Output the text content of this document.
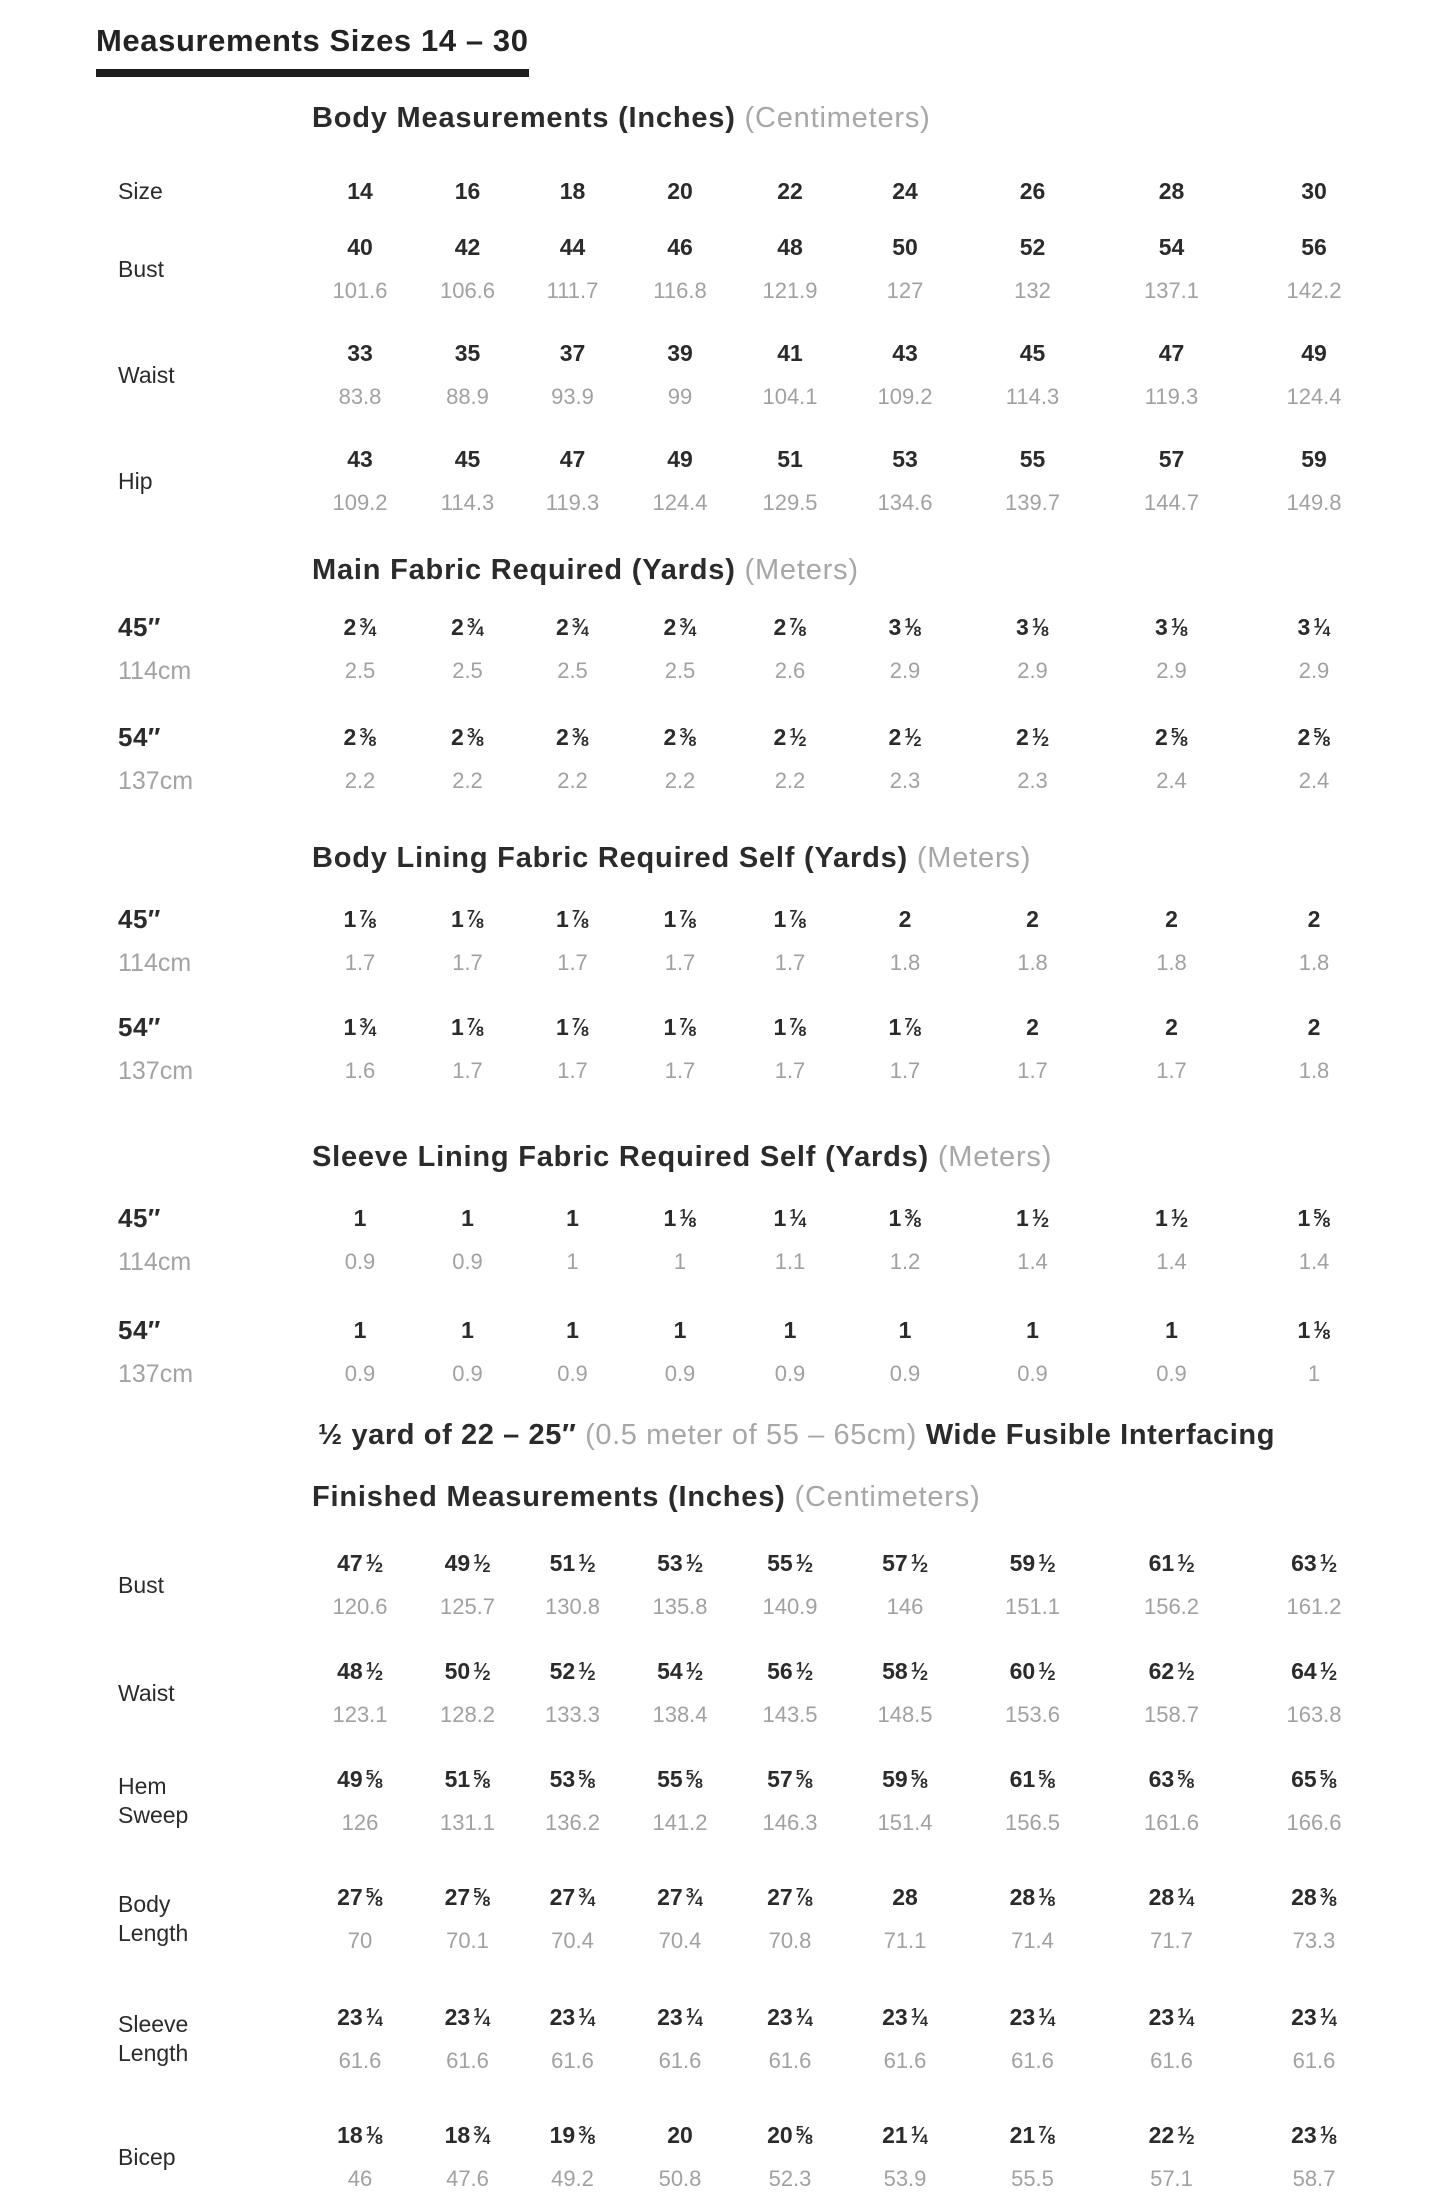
Measurements Sizes 14 – 30
Body Measurements (Inches) (Centimeters)
Size	14	16	18	20	22	24	26	28	30
Bust
40	42	44	46	48	50	52	54	56
101.6	106.6	111.7	116.8	121.9	127	132	137.1	142.2
Waist
33	35	37	39	41	43	45	47	49
83.8	88.9	93.9	99	104.1	109.2	114.3	119.3	124.4
Hip
43	45	47	49	51	53	55	57	59
109.2	114.3	119.3	124.4	129.5	134.6	139.7	144.7	149.8
Main Fabric Required (Yards) (Meters)
45″
114cm
2 3⁄4	2 3⁄4	2 3⁄4	2 3⁄4	2 7⁄8	3 1⁄8	3 1⁄8	3 1⁄8	3 1⁄4
2.5	2.5	2.5	2.5	2.6	2.9	2.9	2.9	2.9
54″
137cm
2 3⁄8	2 3⁄8	2 3⁄8	2 3⁄8	2 1⁄2	2 1⁄2	2 1⁄2	2 5⁄8	2 5⁄8
2.2	2.2	2.2	2.2	2.2	2.3	2.3	2.4	2.4
Body Lining Fabric Required Self (Yards) (Meters)
45″
114cm
1 7⁄8	1 7⁄8	1 7⁄8	1 7⁄8	1 7⁄8	2	2	2	2
1.7	1.7	1.7	1.7	1.7	1.8	1.8	1.8	1.8
54″
137cm
1 3⁄4	1 7⁄8	1 7⁄8	1 7⁄8	1 7⁄8	1 7⁄8	2	2	2
1.6	1.7	1.7	1.7	1.7	1.7	1.7	1.7	1.8
Sleeve Lining Fabric Required Self (Yards) (Meters)
45″
114cm
1	1	1	1 1⁄8	1 1⁄4	1 3⁄8	1 1⁄2	1 1⁄2	1 5⁄8
0.9	0.9	1	1	1.1	1.2	1.4	1.4	1.4
54″
137cm
1	1	1	1	1	1	1	1	1 1⁄8
0.9	0.9	0.9	0.9	0.9	0.9	0.9	0.9	1
½ yard of 22 – 25″ (0.5 meter of 55 – 65cm) Wide Fusible Interfacing
Finished Measurements (Inches) (Centimeters)
Bust
47 1⁄2	49 1⁄2	51 1⁄2	53 1⁄2	55 1⁄2	57 1⁄2	59 1⁄2	61 1⁄2	63 1⁄2
120.6	125.7	130.8	135.8	140.9	146	151.1	156.2	161.2
Waist
48 1⁄2	50 1⁄2	52 1⁄2	54 1⁄2	56 1⁄2	58 1⁄2	60 1⁄2	62 1⁄2	64 1⁄2
123.1	128.2	133.3	138.4	143.5	148.5	153.6	158.7	163.8
Hem Sweep
49 5⁄8	51 5⁄8	53 5⁄8	55 5⁄8	57 5⁄8	59 5⁄8	61 5⁄8	63 5⁄8	65 5⁄8
126	131.1	136.2	141.2	146.3	151.4	156.5	161.6	166.6
Body Length
27 5⁄8	27 5⁄8	27 3⁄4	27 3⁄4	27 7⁄8	28	28 1⁄8	28 1⁄4	28 3⁄8
70	70.1	70.4	70.4	70.8	71.1	71.4	71.7	73.3
Sleeve Length
23 1⁄4	23 1⁄4	23 1⁄4	23 1⁄4	23 1⁄4	23 1⁄4	23 1⁄4	23 1⁄4	23 1⁄4
61.6	61.6	61.6	61.6	61.6	61.6	61.6	61.6	61.6
Bicep
18 1⁄8	18 3⁄4	19 3⁄8	20	20 5⁄8	21 1⁄4	21 7⁄8	22 1⁄2	23 1⁄8
46	47.6	49.2	50.8	52.3	53.9	55.5	57.1	58.7
